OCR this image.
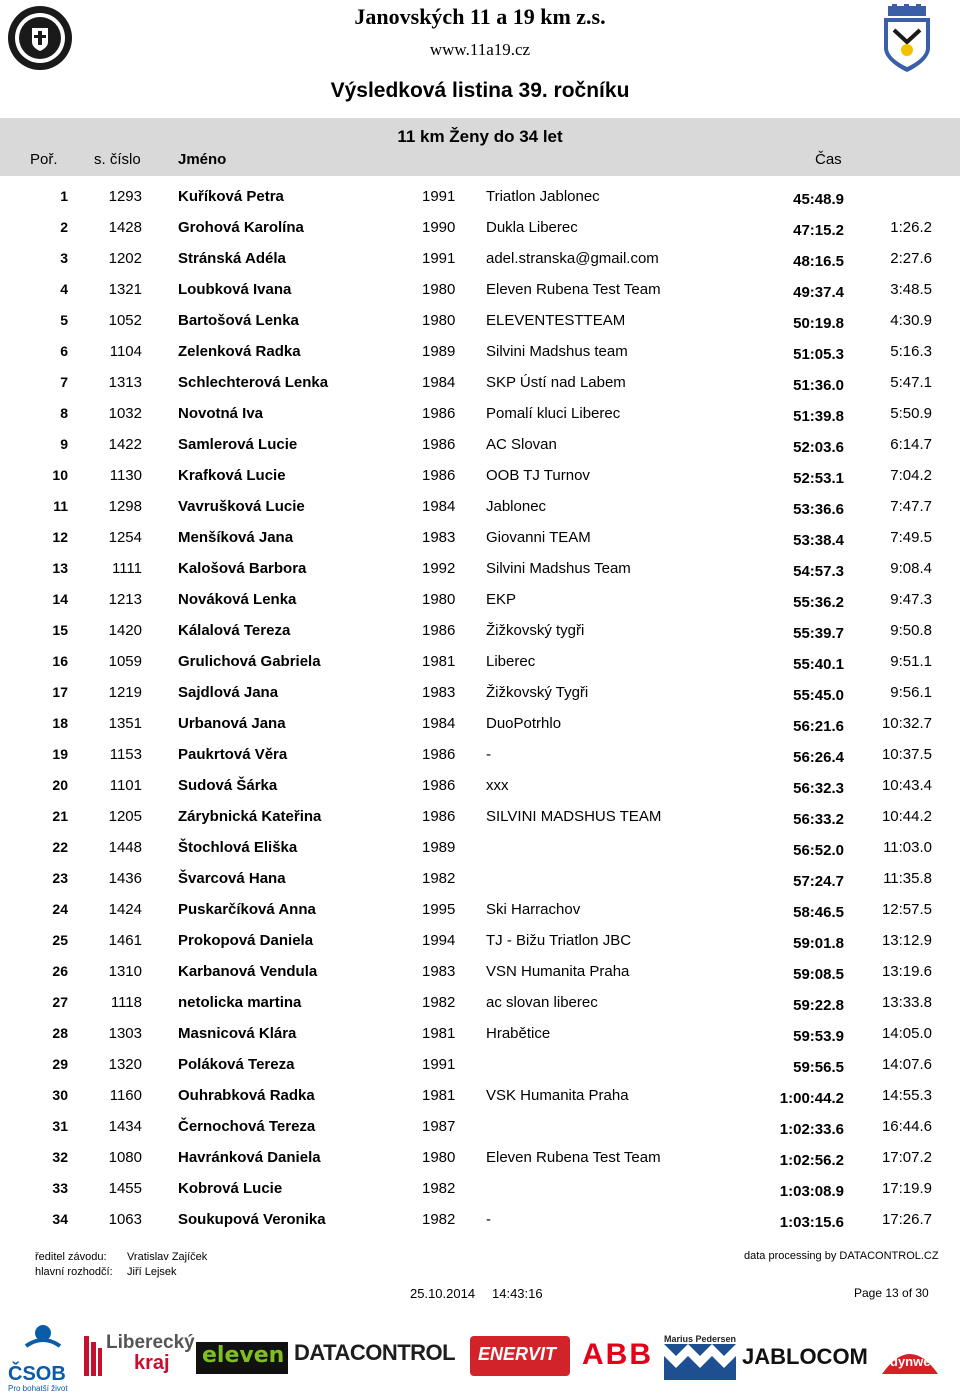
Janovských 11 a 19 km z.s.
www.11a19.cz
Výsledková listina 39. ročníku
11 km Ženy do 34 let
Poř. s. číslo Jméno	Čas
1	1293 Kuříková Petra	1991 Triatlon Jablonec	45:48.9
2	1428 Grohová Karolína	1990 Dukla Liberec	47:15.2	1:26.2
3	1202 Stránská Adéla	1991 adel.stranska@gmail.com	48:16.5	2:27.6
4	1321 Loubková Ivana	1980 Eleven Rubena Test Team	49:37.4	3:48.5
5	1052 Bartošová Lenka	1980 ELEVENTESTTEAM	50:19.8	4:30.9
6	1104 Zelenková Radka	1989 Silvini Madshus team	51:05.3	5:16.3
7	1313 Schlechterová Lenka	1984 SKP Ústí nad Labem	51:36.0	5:47.1
8	1032 Novotná Iva	1986 Pomalí kluci Liberec	51:39.8	5:50.9
9	1422 Samlerová Lucie	1986 AC Slovan	52:03.6	6:14.7
10	1130 Krafková Lucie	1986 OOB TJ Turnov	52:53.1	7:04.2
11	1298 Vavrušková Lucie	1984 Jablonec	53:36.6	7:47.7
12	1254 Menšíková Jana	1983 Giovanni TEAM	53:38.4	7:49.5
13	1111 Kalošová Barbora	1992 Silvini Madshus Team	54:57.3	9:08.4
14	1213 Nováková Lenka	1980 EKP	55:36.2	9:47.3
15	1420 Kálalová Tereza	1986 Žižkovský tygři	55:39.7	9:50.8
16	1059 Grulichová Gabriela	1981 Liberec	55:40.1	9:51.1
17	1219 Sajdlová Jana	1983 Žižkovský Tygři	55:45.0	9:56.1
18	1351 Urbanová Jana	1984 DuoPotrhlo	56:21.6	10:32.7
19	1153 Paukrtová Věra	1986 -	56:26.4	10:37.5
20	1101 Sudová Šárka	1986 xxx	56:32.3	10:43.4
21	1205 Zárybnická Kateřina	1986 SILVINI MADSHUS TEAM	56:33.2	10:44.2
22	1448 Štochlová Eliška	1989	56:52.0	11:03.0
23	1436 Švarcová Hana	1982	57:24.7	11:35.8
24	1424 Puskarčíková Anna	1995 Ski Harrachov	58:46.5	12:57.5
25	1461 Prokopová Daniela	1994 TJ - Bižu Triatlon JBC	59:01.8	13:12.9
26	1310 Karbanová Vendula	1983 VSN Humanita Praha	59:08.5	13:19.6
27	1118 netolicka martina	1982 ac slovan liberec	59:22.8	13:33.8
28	1303 Masnicová Klára	1981 Hrabětice	59:53.9	14:05.0
29	1320 Poláková Tereza	1991	59:56.5	14:07.6
30	1160 Ouhrabková Radka	1981 VSK Humanita Praha	1:00:44.2	14:55.3
31	1434 Černochová Tereza	1987	1:02:33.6	16:44.6
32	1080 Havránková Daniela	1980 Eleven Rubena Test Team	1:02:56.2	17:07.2
33	1455 Kobrová Lucie	1982	1:03:08.9	17:19.9
34	1063 Soukupová Veronika	1982 -	1:03:15.6	17:26.7
ředitel závodu:
hlavní rozhodčí:
Vratislav Zajíček
Jiří Lejsek
data processing by DATACONTROL.CZ
25.10.2014 14:43:16	Page 13 of 30
ČSOB
Pro bohatší život
Liberecký
kraj eleven DATACONTROL ENERVIT ABB Marius Pedersen
JABLOCOM dynweb
